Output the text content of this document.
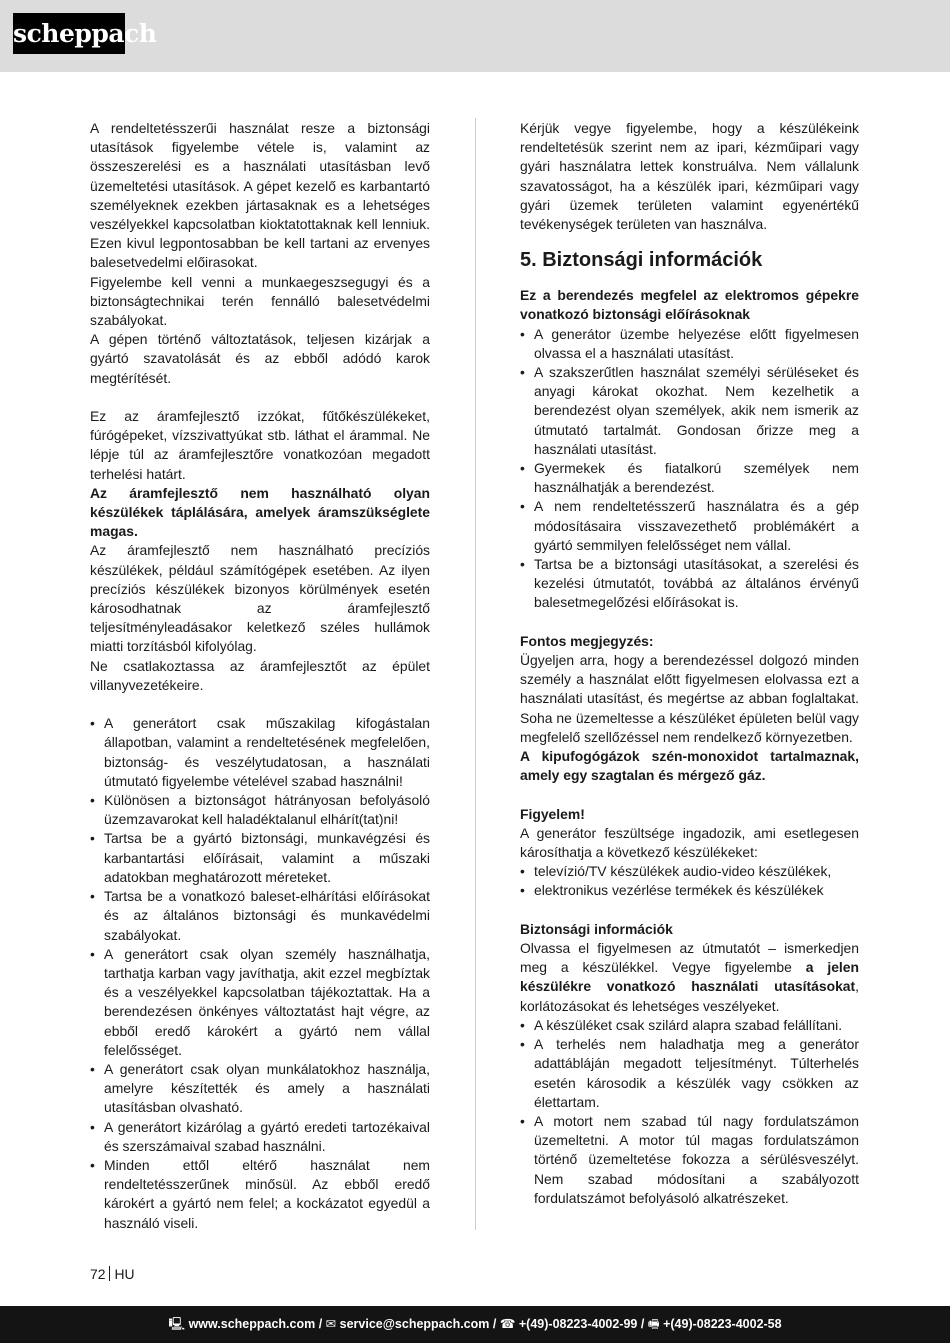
scheppach

A rendeltetésszerűi használat resze a biztonsági utasítások figyelembe vétele is, valamint az összeszerelési es a használati utasításban levő üzemeltetési utasítások. A gépet kezelő es karbantartó személyeknek ezekben jártasaknak es a lehetséges veszélyekkel kapcsolatban kioktatottaknak kell lenniuk. Ezen kivul legpontosabban be kell tartani az ervenyes balesetvedelmi előirasokat.

Figyelembe kell venni a munkaegeszsegugyi és a biztonságtechnikai terén fennálló balesetvédelmi szabályokat.

A gépen történő változtatások, teljesen kizárjak a gyártó szavatolását és az ebből adódó karok megtérítését.

Ez az áramfejlesztő izzókat, fűtőkészülékeket, fúrógépeket, vízszivattyúkat stb. láthat el árammal. Ne lépje túl az áramfejlesztőre vonatkozóan megadott terhelési határt.

Az áramfejlesztő nem használható olyan készülékek táplálására, amelyek áramszükséglete magas.

Az áramfejlesztő nem használható precíziós készülékek, például számítógépek esetében. Az ilyen precíziós készülékek bizonyos körülmények esetén károsodhatnak az áramfejlesztő teljesítményleadásakor keletkező széles hullámok miatti torzításból kifolyólag.

Ne csatlakoztassa az áramfejlesztőt az épület villanyvezetékeire.

• A generátort csak műszakilag kifogástalan állapotban, valamint a rendeltetésének megfelelően, biztonság- és veszélytudatosan, a használati útmutató figyelembe vételével szabad használni!
• Különösen a biztonságot hátrányosan befolyásoló üzemzavarokat kell haladéktalanul elhárít(tat)ni!
• Tartsa be a gyártó biztonsági, munkavégzési és karbantartási előírásait, valamint a műszaki adatokban meghatározott méreteket.
• Tartsa be a vonatkozó baleset-elhárítási előírásokat és az általános biztonsági és munkavédelmi szabályokat.
• A generátort csak olyan személy használhatja, tarthatja karban vagy javíthatja, akit ezzel megbíztak és a veszélyekkel kapcsolatban tájékoztattak. Ha a berendezésen önkényes változtatást hajt végre, az ebből eredő károkért a gyártó nem vállal felelősséget.
• A generátort csak olyan munkálatokhoz használja, amelyre készítették és amely a használati utasításban olvasható.
• A generátort kizárólag a gyártó eredeti tartozékaival és szerszámaival szabad használni.
• Minden ettől eltérő használat nem rendeltetésszerűnek minősül. Az ebből eredő károkért a gyártó nem felel; a kockázatot egyedül a használó viseli.

Kérjük vegye figyelembe, hogy a készülékeink rendeltetésük szerint nem az ipari, kézműipari vagy gyári használatra lettek konstruálva. Nem vállalunk szavatosságot, ha a készülék ipari, kézműipari vagy gyári üzemek területen valamint egyenértékű tevékenységek területen van használva.

5. Biztonsági információk

Ez a berendezés megfelel az elektromos gépekre vonatkozó biztonsági előírásoknak

• A generátor üzembe helyezése előtt figyelmesen olvassa el a használati utasítást.
• A szakszerűtlen használat személyi sérüléseket és anyagi károkat okozhat. Nem kezelhetik a berendezést olyan személyek, akik nem ismerik az útmutató tartalmát. Gondosan őrizze meg a használati utasítást.
• Gyermekek és fiatalkorú személyek nem használhatják a berendezést.
• A nem rendeltetésszerű használatra és a gép módosításaira visszavezethető problémákért a gyártó semmilyen felelősséget nem vállal.
• Tartsa be a biztonsági utasításokat, a szerelési és kezelési útmutatót, továbbá az általános érvényű balesetmegelőzési előírásokat is.

Fontos megjegyzés:

Ügyeljen arra, hogy a berendezéssel dolgozó minden személy a használat előtt figyelmesen elolvassa ezt a használati utasítást, és megértse az abban foglaltakat. Soha ne üzemeltesse a készüléket épületen belül vagy megfelelő szellőzéssel nem rendelkező környezetben.

A kipufogógázok szén-monoxidot tartalmaznak, amely egy szagtalan és mérgező gáz.

Figyelem!

A generátor feszültsége ingadozik, ami esetlegesen károsíthatja a következő készülékeket:

• televízió/TV készülékek audio-video készülékek,
• elektronikus vezérlése termékek és készülékek

Biztonsági információk

Olvassa el figyelmesen az útmutatót – ismerkedjen meg a készülékkel. Vegye figyelembe a jelen készülékre vonatkozó használati utasításokat, korlátozásokat és lehetséges veszélyeket.

• A készüléket csak szilárd alapra szabad felállítani.
• A terhelés nem haladhatja meg a generátor adattábláján megadott teljesítményt. Túlterhelés esetén károsodik a készülék vagy csökken az élettartam.
• A motort nem szabad túl nagy fordulatszámon üzemeltetni. A motor túl magas fordulatszámon történő üzemeltetése fokozza a sérülésveszélyt. Nem szabad módosítani a szabályozott fordulatszámot befolyásoló alkatrészeket.
72 HU
🖳 www.scheppach.com / ✉ service@scheppach.com / ☎ +(49)-08223-4002-99 / 🖷 +(49)-08223-4002-58
